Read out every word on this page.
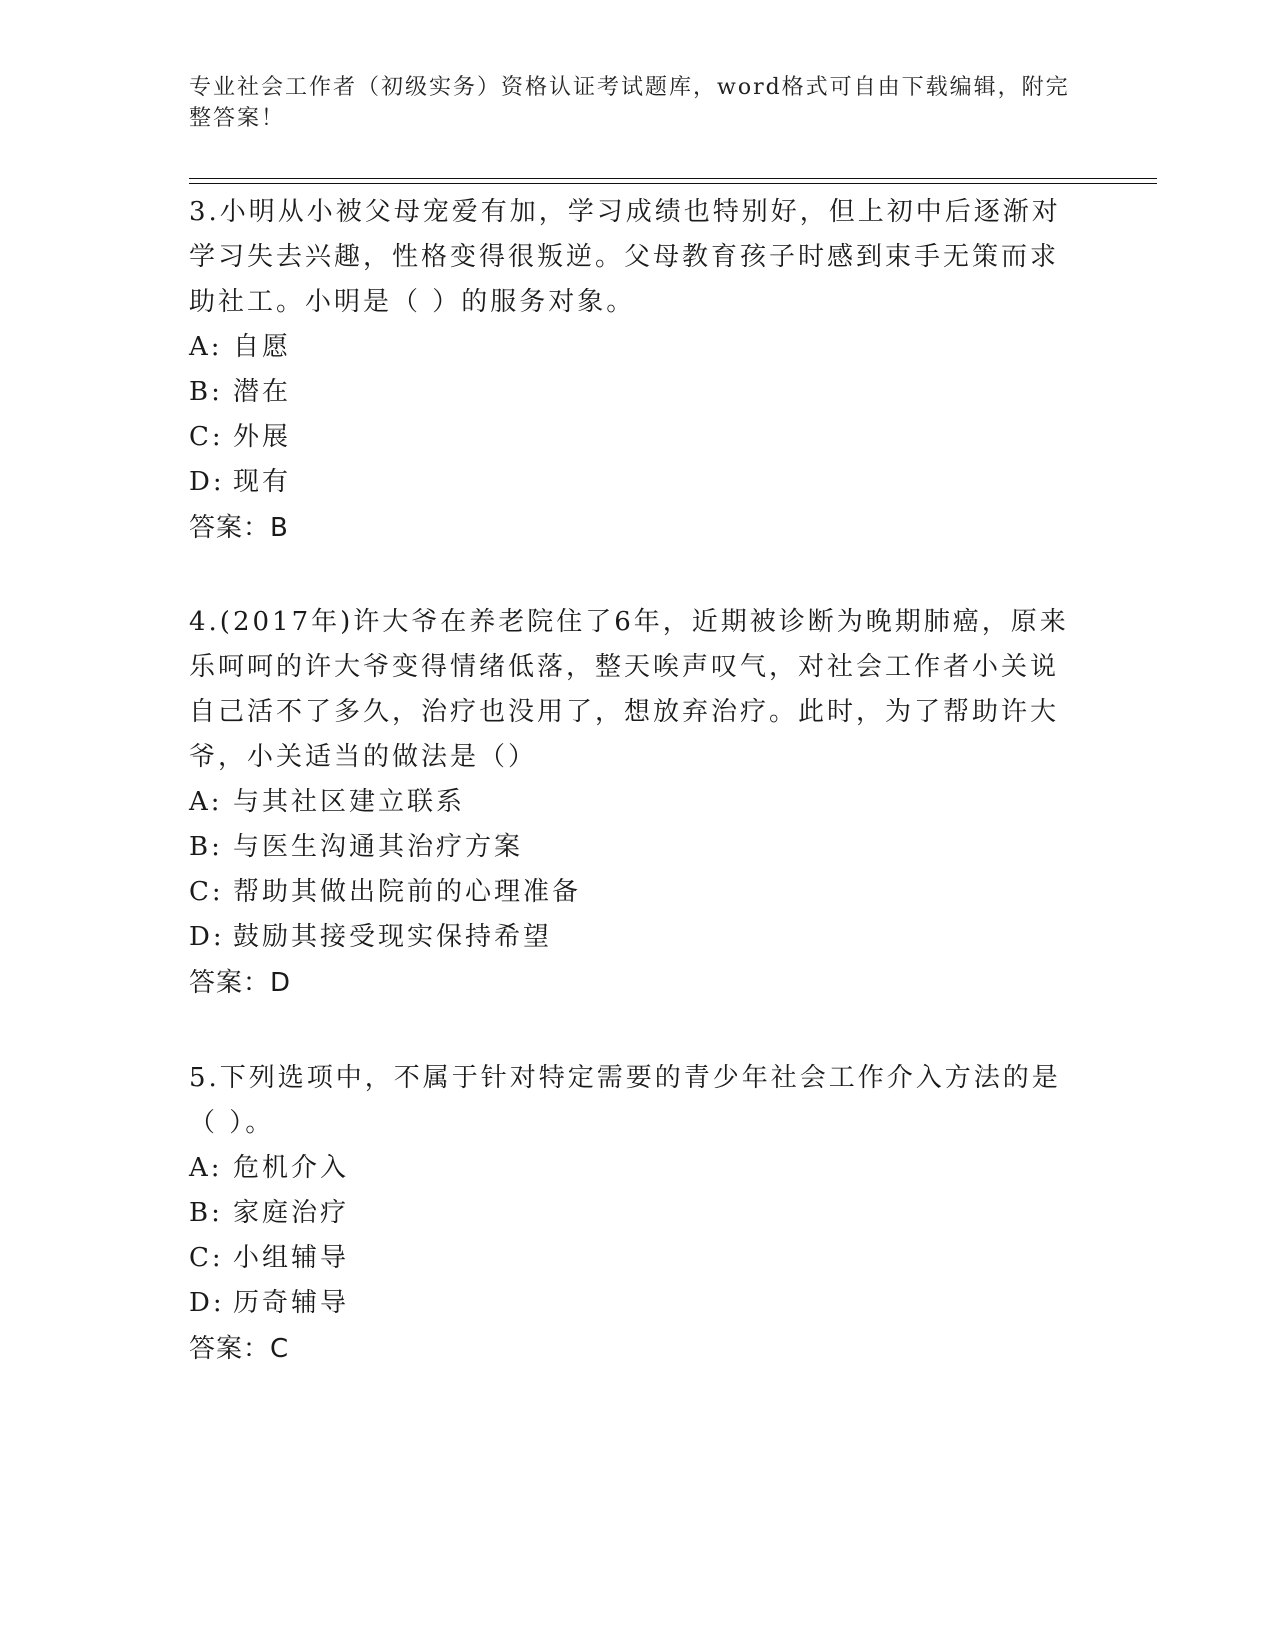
专业社会工作者（初级实务）资格认证考试题库，word格式可自由下载编辑，附完整答案！
3.小明从小被父母宠爱有加，学习成绩也特别好，但上初中后逐渐对学习失去兴趣，性格变得很叛逆。父母教育孩子时感到束手无策而求助社工。小明是（ ）的服务对象。
A: 自愿
B: 潜在
C: 外展
D: 现有
答案：B
4.(2017年)许大爷在养老院住了6年，近期被诊断为晚期肺癌，原来乐呵呵的许大爷变得情绪低落，整天唉声叹气，对社会工作者小关说自己活不了多久，治疗也没用了，想放弃治疗。此时，为了帮助许大爷，小关适当的做法是（）
A: 与其社区建立联系
B: 与医生沟通其治疗方案
C: 帮助其做出院前的心理准备
D: 鼓励其接受现实保持希望
答案：D
5.下列选项中，不属于针对特定需要的青少年社会工作介入方法的是（ ）。
A: 危机介入
B: 家庭治疗
C: 小组辅导
D: 历奇辅导
答案：C
